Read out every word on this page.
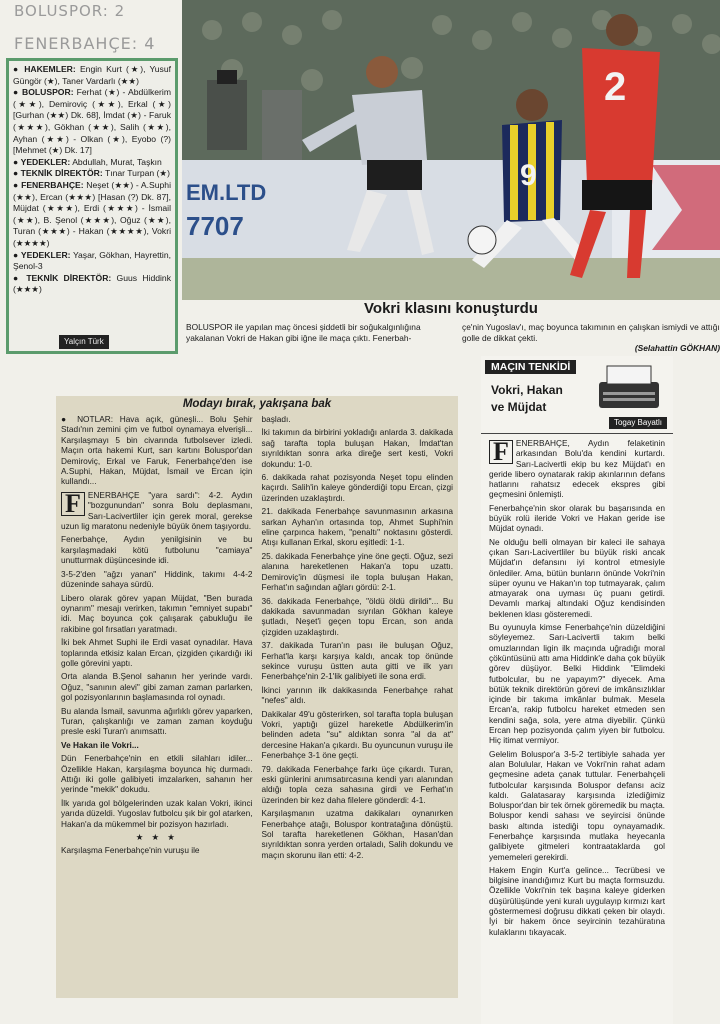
BOLUSPOR: 2
FENERBAHÇE: 4

● HAKEMLER: Engin Kurt (★), Yusuf Güngör (★), Taner Vardarlı (★★)

● BOLUSPOR: Ferhat (★) - Abdülkerim (★★), Demiroviç (★★), Erkal (★) [Gurhan (★★) Dk. 68], İmdat (★) - Faruk (★★★), Gökhan (★★), Salih (★★), Ayhan (★★) - Olkan (★), Eyobo (?) [Mehmet (★) Dk. 17]

● YEDEKLER: Abdullah, Murat, Taşkın

● TEKNİK DİREKTÖR: Tınar Turpan (★)

● FENERBAHÇE: Neşet (★★) - A.Suphi (★★), Ercan (★★★) [Hasan (?) Dk. 87], Müjdat (★★★), Erdi (★★★) - İsmail (★★), B. Şenol (★★★), Oğuz (★★), Turan (★★★) - Hakan (★★★★), Vokri (★★★★)

● YEDEKLER: Yaşar, Gökhan, Hayrettin, Şenol-3

● TEKNİK DİREKTÖR: Guus Hiddink (★★★)

Yalçın Türk
EM.LTD
7707
9
2
Vokri klasını konuşturdu
BOLUSPOR ile yapılan maç öncesi şiddetli bir soğukalgınlığına yakalanan Vokri de Hakan gibi iğne ile maça çıktı. Fenerbah-
çe'nin Yugoslav'ı, maç boyunca takımının en çalışkan ismiydi ve attığı golle de dikkat çekti.
(Selahattin GÖKHAN)
Modayı bırak, yakışana bak

● NOTLAR: Hava açık, güneşli... Bolu Şehir Stadı'nın zemini çim ve futbol oynamaya elverişli... Karşılaşmayı 5 bin civarında futbolsever izledi. Maçın orta hakemi Kurt, sarı kartını Boluspor'dan Demiroviç, Erkal ve Faruk, Fenerbahçe'den ise A.Suphi, Hakan, Müjdat, İsmail ve Ercan için kullandı...

F ENERBAHÇE "yara sardı": 4-2. Aydın "bozgunundan" sonra Bolu deplasmanı, Sarı-Lacivertliler için gerek moral, gerekse uzun lig maratonu nedeniyle büyük önem taşıyordu.

Fenerbahçe, Aydın yenilgisinin ve bu karşılaşmadaki kötü futbolunu "camiaya" unutturmak düşüncesinde idi.

3-5-2'den "ağzı yanan" Hiddink, takımı 4-4-2 düzeninde sahaya sürdü.

Libero olarak görev yapan Müjdat, "Ben burada oynarım" mesajı verirken, takımın "emniyet supabı" idi. Maç boyunca çok çalışarak çabukluğu ile rakibine gol fırsatları yaratmadı.

İki bek Ahmet Suphi ile Erdi vasat oynadılar. Hava toplarında etkisiz kalan Ercan, çizgiden çıkardığı iki golle görevini yaptı.

Orta alanda B.Şenol sahanın her yerinde vardı. Oğuz, "sanının alevi" gibi zaman zaman parlarken, gol pozisyonlarının başlamasında rol oynadı.

Bu alanda İsmail, savunma ağırlıklı görev yaparken, Turan, çalışkanlığı ve zaman zaman koyduğu presle eski Turan'ı anımsattı.

Ve Hakan ile Vokri...

Dün Fenerbahçe'nin en etkili silahları idiler... Özellikle Hakan, karşılaşma boyunca hiç durmadı. Attığı iki golle galibiyeti imzalarken, sahanın her yerinde "mekik" dokudu.

İlk yarıda gol bölgelerinden uzak kalan Vokri, ikinci yarıda düzeldi. Yugoslav futbolcu şık bir gol atarken, Hakan'a da mükemmel bir pozisyon hazırladı.

★ ★ ★

Karşılaşma Fenerbahçe'nin vuruşu ile

başladı.

İki takımın da birbirini yokladığı anlarda 3. dakikada sağ tarafta topla buluşan Hakan, İmdat'tan sıyrıldıktan sonra arka direğe sert kesti, Vokri dokundu: 1-0.

6. dakikada rahat pozisyonda Neşet topu elinden kaçırdı. Salih'in kaleye gönderdiği topu Ercan, çizgi üzerinden uzaklaştırdı.

21. dakikada Fenerbahçe savunmasının arkasına sarkan Ayhan'ın ortasında top, Ahmet Suphi'nin eline çarpınca hakem, "penaltı" noktasını gösterdi. Atışı kullanan Erkal, skoru eşitledi: 1-1.

25. dakikada Fenerbahçe yine öne geçti. Oğuz, sezi alanına hareketlenen Hakan'a topu uzattı. Demiroviç'in düşmesi ile topla buluşan Hakan, Ferhat'ın sağından ağları gördü: 2-1.

36. dakikada Fenerbahçe, "öldü öldü dirildi"... Bu dakikada savunmadan sıyrılan Gökhan kaleye şutladı, Neşet'i geçen topu Ercan, son anda çizgiden uzaklaştırdı.

37. dakikada Turan'ın pası ile buluşan Oğuz, Ferhat'la karşı karşıya kaldı, ancak top önünde sekince vuruşu üstten auta gitti ve ilk yarı Fenerbahçe'nin 2-1'lik galibiyeti ile sona erdi.

İkinci yarının ilk dakikasında Fenerbahçe rahat "nefes" aldı.

Dakikalar 49'u gösterirken, sol tarafta topla buluşan Vokri, yaptığı güzel hareketle Abdülkerim'in belinden adeta "su" aldıktan sonra "al da at" dercesine Hakan'a çıkardı. Bu oyuncunun vuruşu ile Fenerbahçe 3-1 öne geçti.

79. dakikada Fenerbahçe farkı üçe çıkardı. Turan, eski günlerini anımsatırcasına kendi yarı alanından aldığı topla ceza sahasına girdi ve Ferhat'ın üzerinden bir kez daha filelere gönderdi: 4-1.

Karşılaşmanın uzatma dakikaları oynanırken Fenerbahçe atağı, Boluspor kontratağına dönüştü. Sol tarafta hareketlenen Gökhan, Hasan'dan sıyrıldıktan sonra yerden ortaladı, Salih dokundu ve maçın skorunu ilan etti: 4-2.

MAÇIN TENKİDİ
Vokri, Hakan
ve Müjdat
Togay Bayatlı

F ENERBAHÇE, Aydın felaketinin arkasından Bolu'da kendini kurtardı. Sarı-Lacivertli ekip bu kez Müjdat'ı en geride libero oynatarak rakip akınlarının defans hatlarını rahatsız edecek ekspres gibi geçmesini önlemişti.

Fenerbahçe'nin skor olarak bu başarısında en büyük rolü ileride Vokri ve Hakan geride ise Müjdat oynadı.

Ne olduğu belli olmayan bir kaleci ile sahaya çıkan Sarı-Lacivertliler bu büyük riski ancak Müjdat'ın defansını iyi kontrol etmesiyle önlediler. Ama, bütün bunların önünde Vokri'nin süper oyunu ve Hakan'ın top tutmayarak, çalım atmayarak ona uyması üç puanı getirdi. Devamlı markaj altındaki Oğuz kendisinden beklenen klası gösteremedi.

Bu oyunuyla kimse Fenerbahçe'nin düzeldiğini söyleyemez. Sarı-Lacivertli takım belki omuzlarından ligin ilk maçında uğradığı moral çöküntüsünü attı ama Hiddink'e daha çok büyük görev düşüyor. Belki Hiddink "Elimdeki futbolcular, bu ne yapayım?" diyecek. Ama bütük teknik direktörün görevi de imkânsızlıklar içinde bir takıma imkânlar bulmak. Mesela Ercan'a, rakip futbolcu hareket etmeden sen kendini sağa, sola, yere atma diyebilir. Çünkü Ercan hep pozisyonda çalım yiyen bir futbolcu. Hiç itimat vermiyor.

Gelelim Boluspor'a 3-5-2 tertibiyle sahada yer alan Bolulular, Hakan ve Vokri'nin rahat adam geçmesine adeta çanak tuttular. Fenerbahçeli futbolcular karşısında Boluspor defansı aciz kaldı. Galatasaray karşısında izlediğimiz Boluspor'dan bir tek örnek göremedik bu maçta. Boluspor kendi sahası ve seyircisi önünde baskı altında istediği topu oynayamadık. Fenerbahçe karşısında mutlaka heyecanla galibiyete gitmeleri kontraataklarda gol yememeleri gerekirdi.

Hakem Engin Kurt'a gelince... Tecrübesi ve bilgisine inandığımız Kurt bu maçta formsuzdu. Özellikle Vokri'nin tek başına kaleye giderken düşürülüşünde yeni kuralı uygulayıp kırmızı kart göstermemesi doğrusu dikkati çeken bir olaydı. İyi bir hakem önce seyircinin tezahüratına kulaklarını tıkayacak.
